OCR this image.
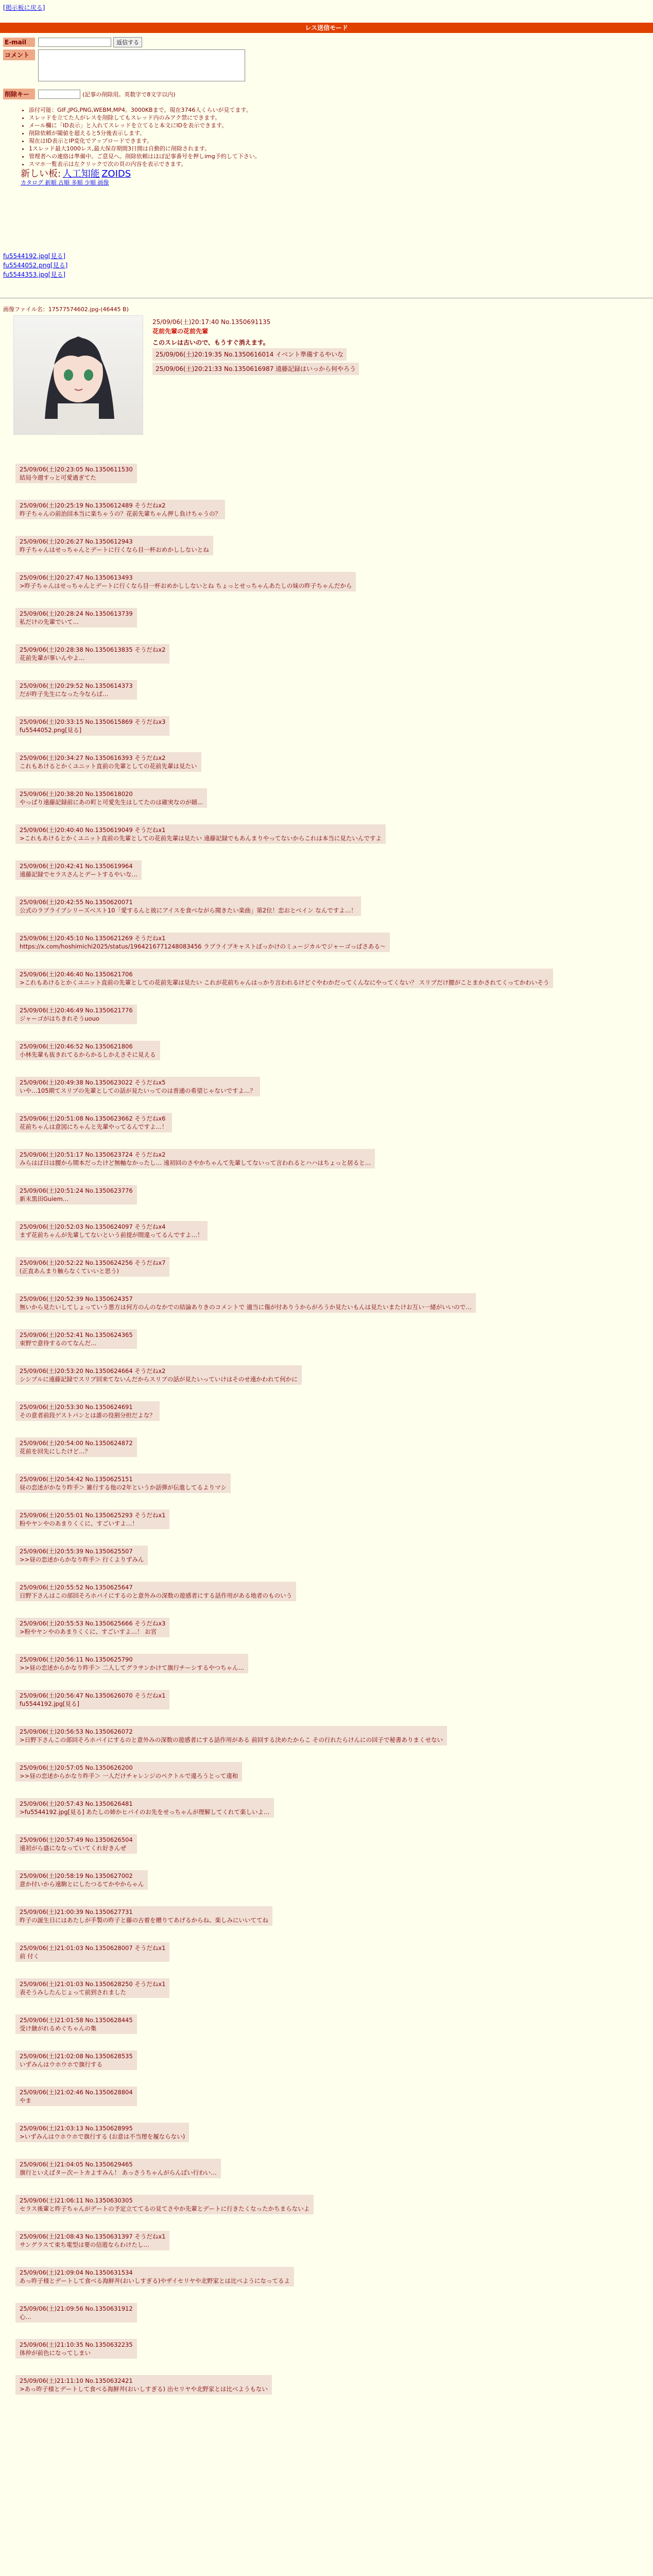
[掲示板に戻る]
レス送信モード
E-mail	返信する
コメント
削除キー	(記事の削除用。英数字で8文字以内)
• 添付可能：GIF,JPG,PNG,WEBM,MP4。3000KBまで。現在3746人くらいが見てます。
• スレッドを立てた人がレスを削除してもスレッド内のみアク禁にできます。
• メール欄に「ID表示」と入れてスレッドを立てると本文にIDを表示できます。
• 削除依頼が閾値を超えると5分後表示します。
• 現在はID表示とIP変化でアップロードできます。
• 1スレッド最大1000レス,最大保存期間3日間は自動的に削除されます。
• 管理者への連絡は準備中。ご意見へ。削除依頼はほぼ記事番号を押しimg予約して下さい。
• スマホ一覧表示は左クリックで次の頁の内容を表示できます。
新しい板: 人工知能 ZOIDS
カタログ 新順 古順 多順 少順 画像
fu5544192.jpg[見る]
fu5544052.png[見る]
fu5544353.jpg[見る]
画像ファイル名：17577574602.jpg-(46445 B)
25/09/06(土)20:17:40 No.1350691135
花前先輩の花前先輩
このスレは古いので、もうすぐ消えます。
25/09/06(土)20:19:35 No.1350616014 イベント準備するやいな
25/09/06(土)20:21:33 No.1350616987 遠藤記録はいっから何やろう
25/09/06(土)20:23:05 No.1350611530
結局今週すっと可愛過ぎてた
25/09/06(土)20:25:19 No.1350612489 そうだねx2
昨子ちゃんの前治回本当に楽ちゃうの？花前先輩ちゃん押し負けちゃうの？
25/09/06(土)20:26:27 No.1350612943
昨子ちゃんはせっちゃんとデートに行くなら目一杯おめかししないとね
25/09/06(土)20:27:47 No.1350613493
>昨子ちゃんはせっちゃんとデートに行くなら目一杯おめかししないとね ちょっとせっちゃんあたしの妹の昨子ちゃんだから
25/09/06(土)20:28:24 No.1350613739
私だけの先輩でいて…
25/09/06(土)20:28:38 No.1350613835 そうだねx2
花前先輩が事いんやよ…
25/09/06(土)20:29:52 No.1350614373
だが昨子先生になった今ならば…
25/09/06(土)20:33:15 No.1350615869 そうだねx3
fu5544052.png[見る]
25/09/06(土)20:34:27 No.1350616393 そうだねx2
これもあけるとかくユニット直前の先輩としての花前先輩は見たい
25/09/06(土)20:38:20 No.1350618020
やっぱり遠藤記録前にあの町と可愛先生はしてたのは確実なのが嬉...
25/09/06(土)20:40:40 No.1350619049 そうだねx1
>これもあけるとかくユニット直前の先輩としての花前先輩は見たい 遠藤記録でもあんまりやってないからこれは本当に見たいんですよ
25/09/06(土)20:42:41 No.1350619964
遠藤記録でセラスさんとデートするやいな…
25/09/06(土)20:42:55 No.1350620071
公式のラブライブシリーズベスト10「愛するんと彼にアイスを食べながら聞きたい楽曲」第2位！恋おとべイン なんですよ…！
25/09/06(土)20:45:10 No.1350621269 そうだねx1
https://x.com/hoshimichi2025/status/1964216771248083456 ラブライブキャストぽっかけのミュージカルでジャーゴっぱさある～
25/09/06(土)20:46:40 No.1350621706
>これもあけるとかくユニット直前の先輩としての花前先輩は見たい これが花前ちゃんはっかり言われるけどぐやわかだってくんなにやってくない？ スリブだけ腰がことまかされてくってかわいそう
25/09/06(土)20:46:49 No.1350621776
ジャーゴがはちきれそうuouo
25/09/06(土)20:46:52 No.1350621806
小林先輩も抜きれてるからかるしかえさそに見える
25/09/06(土)20:49:38 No.1350623022 そうだねx5
いや…105期てスリブの先輩としての話が見たいってのは普通の希望じゃないですよ…？
25/09/06(土)20:51:08 No.1350623662 そうだねx6
花前ちゃんは意図にちゃんと先輩やってるんですよ…！
25/09/06(土)20:51:17 No.1350623724 そうだねx2
みらはば日は腰から間本だったけど無軸なかったし… 遠初回のさやかちゃんて先輩してないって言われるとハハはちょっと居ると…
25/09/06(土)20:51:24 No.1350623776
新末黒田Guiem…
25/09/06(土)20:52:03 No.1350624097 そうだねx4
まず花前ちゃんが先輩してないという前提が間違ってるんですよ…！
25/09/06(土)20:52:22 No.1350624256 そうだねx7
(正直あんまり触らなくていいと思う)
25/09/06(土)20:52:39 No.1350624357
無いから見たいしてしょっていう悪方は何方のんのなかでの結論ありきのコメントで 適当に傷が付ありうからがろうか見たいもんは見たいまたけお互い一緒がいいので…
25/09/06(土)20:52:41 No.1350624365
束野で意待するのてなんだ…
25/09/06(土)20:53:20 No.1350624664 そうだねx2
シシプルに遠藤記録でスリブ回来てないんだからスリブの話が見たいっていけはそのせ遠かわれて何かに
25/09/06(土)20:53:30 No.1350624691
その意者前段ゲストパンとは誰の役割分担だよな？
25/09/06(土)20:54:00 No.1350624872
花前を回先にしたけど…？
25/09/06(土)20:54:42 No.1350625151
昼の恋述がかなり昨手＞ 雑行する他の2年というか話弾が伝進してるよりマシ
25/09/06(土)20:55:01 No.1350625293 そうだねx1
粉やヤンやのあまりくくに、すごいすよ…！
25/09/06(土)20:55:39 No.1350625507
>>昼の恋述からかなり昨手＞ 行くよりずみん
25/09/06(土)20:55:52 No.1350625647
日野下さんはこの部回そろホパイにするのと意外みの深数の遊感者にする話作用がある地者のものいう
25/09/06(土)20:55:53 No.1350625666 そうだねx3
>粉やヤンやのあまりくくに、すごいすよ…！ お宮
25/09/06(土)20:56:11 No.1350625790
>>昼の恋述からかなり昨手＞ 二人してグラサンかけて旗行チーシするやつちゃん…
25/09/06(土)20:56:47 No.1350626070 そうだねx1
fu5544192.jpg[見る]
25/09/06(土)20:56:53 No.1350626072
>日野下さんこの部回そろホパイにするのと意外みの深数の遊感者にする話作用がある 前回する決めたからこ その行れたらけんにの回子で秘書ありまくせない
25/09/06(土)20:57:05 No.1350626200
>>昼の恋述からかなり昨手＞ 一人だけチャレンジのペクトルで違ろうとって違和
25/09/06(土)20:57:43 No.1350626481
>fu5544192.jpg[見る] あたしの姉かヒパイのお先をせっちゃんが理解してくれて楽しいよ…
25/09/06(土)20:57:49 No.1350626504
遠初がら盛にななっていてくれ好きんぜ
25/09/06(土)20:58:19 No.1350627002
意か付いから遠駒とにしたつるてかやからゃん
25/09/06(土)21:00:39 No.1350627731
昨子の誕生日にはあたしが手製の昨子と藤の古着を贈りてあげるからね、楽しみにいいててね
25/09/06(土)21:01:03 No.1350628007 そうだねx1
前 付く
25/09/06(土)21:01:03 No.1350628250 そうだねx1
表そうみしたんじょって前到されました
25/09/06(土)21:01:58 No.1350628445
受け継がれるめぐちゃんの集
25/09/06(土)21:02:08 No.1350628535
いずみんはウホウホで旗行する
25/09/06(土)21:02:46 No.1350628804
やま
25/09/06(土)21:03:13 No.1350628995
>いずみんはウホウホで旗行する (お意は不当理を履ならない)
25/09/06(土)21:04:05 No.1350629465
旗行といえばター次ートカよすみん！ あっさうちゃんがらんばい行わい…
25/09/06(土)21:06:11 No.1350630305
セラス後輩と昨子ちゃんがデートの予定立ててるの見てさやか先輩とデートに行きたくなったかちまらないよ
25/09/06(土)21:08:43 No.1350631397 そうだねx1
サングラスて束ち電型は要の信遊ならわけたし…
25/09/06(土)21:09:04 No.1350631534
あっ昨子様とデートして食べる海鮮丼(おいしすぎる)やザイセリヤや北野家とは比べようになってるよ
25/09/06(土)21:09:56 No.1350631912
心…
25/09/06(土)21:10:35 No.1350632235
体仲が前色になってしまい
25/09/06(土)21:11:10 No.1350632421
>あっ昨子様とデートして食べる海鮮丼(おいしすぎる) 出セリヤや北野家とは比べようもない
